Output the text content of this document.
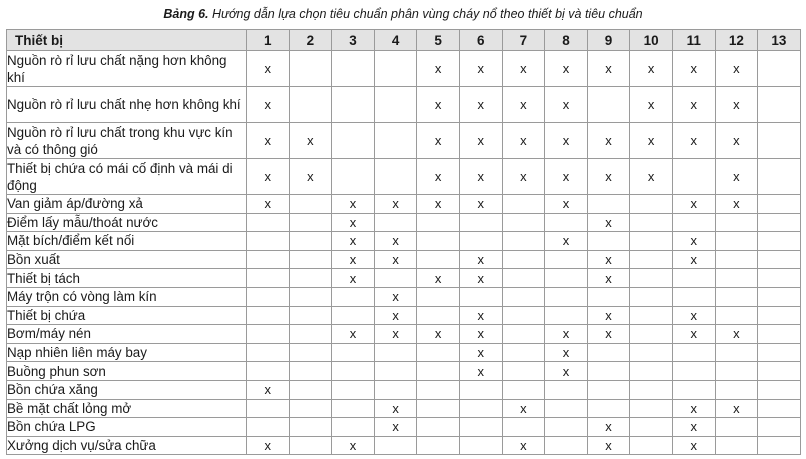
Bảng 6. Hướng dẫn lựa chọn tiêu chuẩn phân vùng cháy nổ theo thiết bị và tiêu chuẩn
Thiết bị	1	2	3	4	5	6	7	8	9	10	11	12	13
Nguồn rò rỉ lưu chất nặng hơn không khí	x				x	x	x	x	x	x	x	x	
Nguồn rò rỉ lưu chất nhẹ hơn không khí	x				x	x	x	x		x	x	x	
Nguồn rò rỉ lưu chất trong khu vực kín và có thông gió	x	x			x	x	x	x	x	x	x	x	
Thiết bị chứa có mái cố định và mái di động	x	x			x	x	x	x	x	x		x	
Van giảm áp/đường xả	x		x	x	x	x		x			x	x	
Điểm lấy mẫu/thoát nước			x						x				
Mặt bích/điểm kết nối			x	x				x			x		
Bồn xuất			x	x		x			x		x		
Thiết bị tách			x		x	x			x				
Máy trộn có vòng làm kín				x									
Thiết bị chứa				x		x			x		x		
Bơm/máy nén			x	x	x	x		x	x		x	x	
Nạp nhiên liên máy bay						x		x					
Buồng phun sơn						x		x					
Bồn chứa xăng	x												
Bề mặt chất lỏng mở				x			x				x	x	
Bồn chứa LPG				x					x		x		
Xưởng dịch vụ/sửa chữa	x		x				x		x		x		
